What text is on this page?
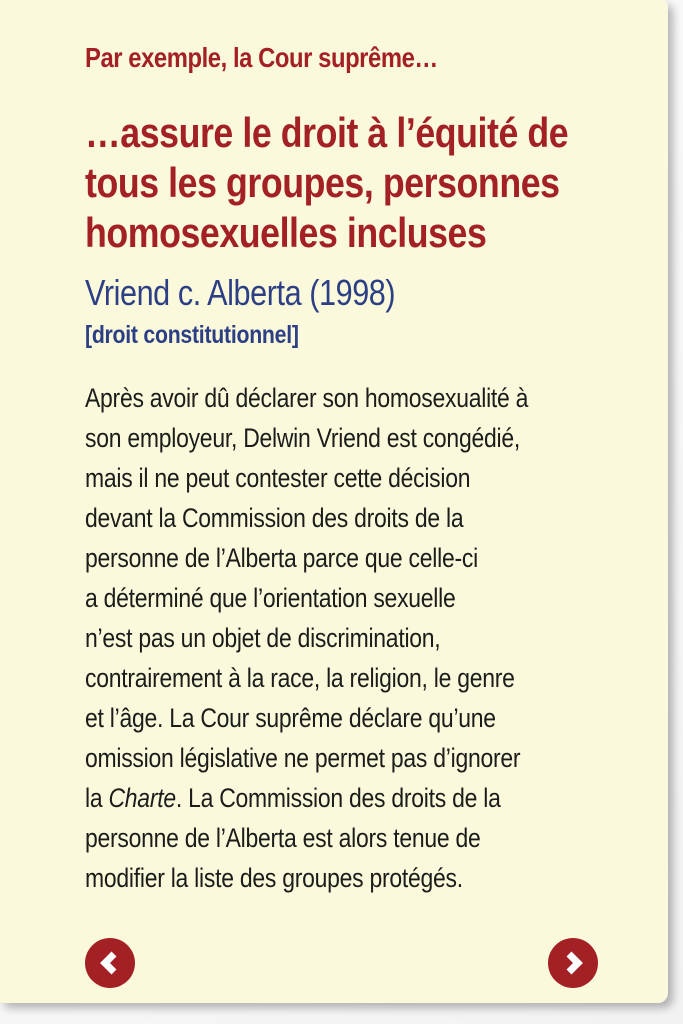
Par exemple, la Cour suprême…
…assure le droit à l’équité de
tous les groupes, personnes
homosexuelles incluses
Vriend c. Alberta (1998)
[droit constitutionnel]
Après avoir dû déclarer son homosexualité à
son employeur, Delwin Vriend est congédié,
mais il ne peut contester cette décision
devant la Commission des droits de la
personne de l’Alberta parce que celle-ci
a déterminé que l’orientation sexuelle
n’est pas un objet de discrimination,
contrairement à la race, la religion, le genre
et l’âge. La Cour suprême déclare qu’une
omission législative ne permet pas d’ignorer
la Charte. La Commission des droits de la
personne de l’Alberta est alors tenue de
modifier la liste des groupes protégés.
